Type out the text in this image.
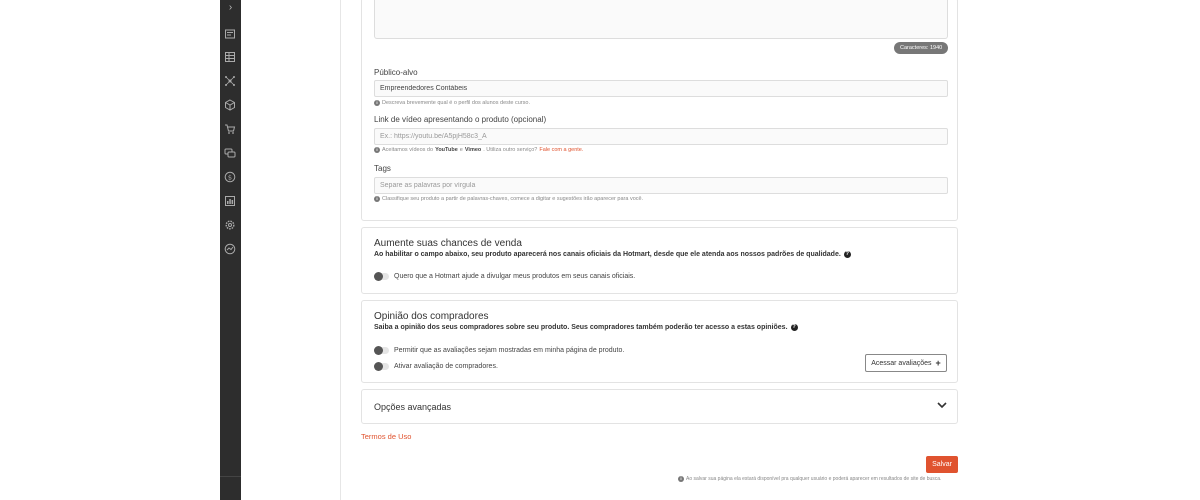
›
$
Caracteres: 1940
Público-alvo
Empreendedores Contábeis
i Descreva brevemente qual é o perfil dos alunos deste curso.
Link de vídeo apresentando o produto (opcional)
Ex.: https://youtu.be/A5pjH58c3_A
i Aceitamos vídeos do YouTube e Vimeo . Utiliza outro serviço? Fale com a gente.
Tags
Separe as palavras por vírgula
i Classifique seu produto a partir de palavras-chaves, comece a digitar e sugestões irão aparecer para você.
Aumente suas chances de venda
Ao habilitar o campo abaixo, seu produto aparecerá nos canais oficiais da Hotmart, desde que ele atenda aos nossos padrões de qualidade. ?
Quero que a Hotmart ajude a divulgar meus produtos em seus canais oficiais.
Opinião dos compradores
Saiba a opinião dos seus compradores sobre seu produto. Seus compradores também poderão ter acesso a estas opiniões. ?
Permitir que as avaliações sejam mostradas em minha página de produto.
Ativar avaliação de compradores.	Acessar avaliações +
Opções avançadas
Termos de Uso
Salvar
i Ao salvar sua página ela estará disponível pra qualquer usuário e poderá aparecer em resultados de site de busca.
